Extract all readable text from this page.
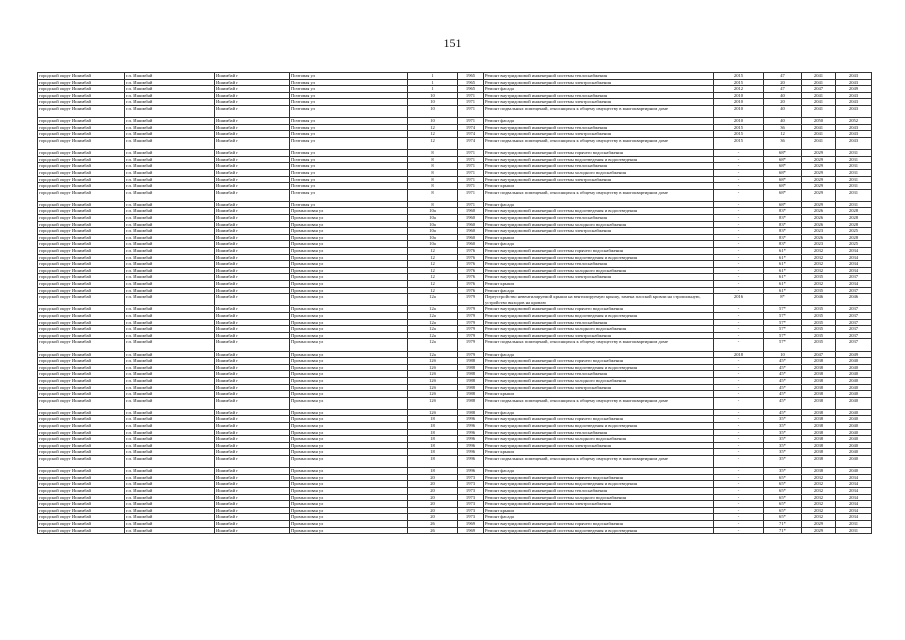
151
городской округ Ишимбай	г.п. Ишимбай	Ишимбай г	Почтовая ул	1	1965	Ремонт внутридомовой инженерной системы теплоснабжения	2015	47	2041	2043
городской округ Ишимбай	г.п. Ишимбай	Ишимбай г	Почтовая ул	1	1965	Ремонт внутридомовой инженерной системы электроснабжения	2015	20	2041	2043
городской округ Ишимбай	г.п. Ишимбай	Ишимбай г	Почтовая ул	1	1965	Ремонт фасада	2012	47	2047	2049
городской округ Ишимбай	г.п. Ишимбай	Ишимбай г	Почтовая ул	10	1971	Ремонт внутридомовой инженерной системы теплоснабжения	2010	40	2041	2043
городской округ Ишимбай	г.п. Ишимбай	Ишимбай г	Почтовая ул	10	1971	Ремонт внутридомовой инженерной системы электроснабжения	2010	20	2041	2043
городской округ Ишимбай	г.п. Ишимбай	Ишимбай г	Почтовая ул	10	1971	Ремонт подвальных помещений, относящихся к общему имуществу в многоквартирном доме	2010	40	2041	2043
городской округ Ишимбай	г.п. Ишимбай	Ишимбай г	Почтовая ул	10	1971	Ремонт фасада	2010	40	2050	2052
городской округ Ишимбай	г.п. Ишимбай	Ишимбай г	Почтовая ул	12	1974	Ремонт внутридомовой инженерной системы теплоснабжения	2015	36	2041	2043
городской округ Ишимбай	г.п. Ишимбай	Ишимбай г	Почтовая ул	12	1974	Ремонт внутридомовой инженерной системы электроснабжения	2015	12	2041	2043
городской округ Ишимбай	г.п. Ишимбай	Ишимбай г	Почтовая ул	12	1974	Ремонт подвальных помещений, относящихся к общему имуществу в многоквартирном доме	2015	36	2041	2043
городской округ Ишимбай	г.п. Ишимбай	Ишимбай г	Почтовая ул	8	1971	Ремонт внутридомовой инженерной системы горячего водоснабжения	-	68*	2029	2031
городской округ Ишимбай	г.п. Ишимбай	Ишимбай г	Почтовая ул	8	1971	Ремонт внутридомовой инженерной системы водоотведения и водоотведения	-	68*	2029	2031
городской округ Ишимбай	г.п. Ишимбай	Ишимбай г	Почтовая ул	8	1971	Ремонт внутридомовой инженерной системы теплоснабжения	-	68*	2029	2031
городской округ Ишимбай	г.п. Ишимбай	Ишимбай г	Почтовая ул	8	1971	Ремонт внутридомовой инженерной системы холодного водоснабжения	-	68*	2029	2031
городской округ Ишимбай	г.п. Ишимбай	Ишимбай г	Почтовая ул	8	1971	Ремонт внутридомовой инженерной системы электроснабжения	-	68*	2029	2031
городской округ Ишимбай	г.п. Ишимбай	Ишимбай г	Почтовая ул	8	1971	Ремонт крыши	-	68*	2029	2031
городской округ Ишимбай	г.п. Ишимбай	Ишимбай г	Почтовая ул	8	1971	Ремонт подвальных помещений, относящихся к общему имуществу в многоквартирном доме	-	68*	2029	2031
городской округ Ишимбай	г.п. Ишимбай	Ишимбай г	Почтовая ул	8	1971	Ремонт фасада	-	68*	2029	2031
городской округ Ишимбай	г.п. Ишимбай	Ишимбай г	Промысловая ул	10а	1960	Ремонт внутридомовой инженерной системы водоотведения и водоотведения	-	83*	2026	2028
городской округ Ишимбай	г.п. Ишимбай	Ишимбай г	Промысловая ул	10а	1960	Ремонт внутридомовой инженерной системы теплоснабжения	-	83*	2026	2028
городской округ Ишимбай	г.п. Ишимбай	Ишимбай г	Промысловая ул	10а	1960	Ремонт внутридомовой инженерной системы холодного водоснабжения	-	83*	2026	2028
городской округ Ишимбай	г.п. Ишимбай	Ишимбай г	Промысловая ул	10а	1960	Ремонт внутридомовой инженерной системы электроснабжения	-	83*	2023	2025
городской округ Ишимбай	г.п. Ишимбай	Ишимбай г	Промысловая ул	10а	1960	Ремонт крыши	-	83*	2026	2028
городской округ Ишимбай	г.п. Ишимбай	Ишимбай г	Промысловая ул	10а	1960	Ремонт фасада	-	83*	2023	2025
городской округ Ишимбай	г.п. Ишимбай	Ишимбай г	Промысловая ул	12	1976	Ремонт внутридомовой инженерной системы горячего водоснабжения	-	61*	2032	2034
городской округ Ишимбай	г.п. Ишимбай	Ишимбай г	Промысловая ул	12	1976	Ремонт внутридомовой инженерной системы водоотведения и водоотведения	-	61*	2032	2034
городской округ Ишимбай	г.п. Ишимбай	Ишимбай г	Промысловая ул	12	1976	Ремонт внутридомовой инженерной системы теплоснабжения	-	61*	2032	2034
городской округ Ишимбай	г.п. Ишимбай	Ишимбай г	Промысловая ул	12	1976	Ремонт внутридомовой инженерной системы холодного водоснабжения	-	61*	2032	2034
городской округ Ишимбай	г.п. Ишимбай	Ишимбай г	Промысловая ул	12	1976	Ремонт внутридомовой инженерной системы электроснабжения	-	61*	2035	2037
городской округ Ишимбай	г.п. Ишимбай	Ишимбай г	Промысловая ул	12	1976	Ремонт крыши	-	61*	2032	2034
городской округ Ишимбай	г.п. Ишимбай	Ишимбай г	Промысловая ул	12	1976	Ремонт фасада	-	61*	2035	2037
городской округ Ишимбай	г.п. Ишимбай	Ишимбай г	Промысловая ул	12а	1979	Переустройство невентилируемой крыши на вентилируемую крышу, замена плоской кровли на стропильную, устройство выходов на кровлю	2016	8*	2046	2046
городской округ Ишимбай	г.п. Ишимбай	Ишимбай г	Промысловая ул	12а	1979	Ремонт внутридомовой инженерной системы горячего водоснабжения	-	57*	2035	2037
городской округ Ишимбай	г.п. Ишимбай	Ишимбай г	Промысловая ул	12а	1979	Ремонт внутридомовой инженерной системы водоотведения и водоотведения	-	57*	2035	2037
городской округ Ишимбай	г.п. Ишимбай	Ишимбай г	Промысловая ул	12а	1979	Ремонт внутридомовой инженерной системы теплоснабжения	-	57*	2035	2037
городской округ Ишимбай	г.п. Ишимбай	Ишимбай г	Промысловая ул	12а	1979	Ремонт внутридомовой инженерной системы холодного водоснабжения	-	57*	2035	2037
городской округ Ишимбай	г.п. Ишимбай	Ишимбай г	Промысловая ул	12а	1979	Ремонт внутридомовой инженерной системы электроснабжения	-	57*	2035	2037
городской округ Ишимбай	г.п. Ишимбай	Ишимбай г	Промысловая ул	12а	1979	Ремонт подвальных помещений, относящихся к общему имуществу в многоквартирном доме	-	57*	2035	2037
городской округ Ишимбай	г.п. Ишимбай	Ишимбай г	Промысловая ул	12а	1979	Ремонт фасада	2018	10	2047	2049
городской округ Ишимбай	г.п. Ишимбай	Ишимбай г	Промысловая ул	12б	1988	Ремонт внутридомовой инженерной системы горячего водоснабжения	-	45*	2038	2040
городской округ Ишимбай	г.п. Ишимбай	Ишимбай г	Промысловая ул	12б	1988	Ремонт внутридомовой инженерной системы водоотведения и водоотведения	-	45*	2038	2040
городской округ Ишимбай	г.п. Ишимбай	Ишимбай г	Промысловая ул	12б	1988	Ремонт внутридомовой инженерной системы теплоснабжения	-	45*	2038	2040
городской округ Ишимбай	г.п. Ишимбай	Ишимбай г	Промысловая ул	12б	1988	Ремонт внутридомовой инженерной системы холодного водоснабжения	-	45*	2038	2040
городской округ Ишимбай	г.п. Ишимбай	Ишимбай г	Промысловая ул	12б	1988	Ремонт внутридомовой инженерной системы электроснабжения	-	45*	2038	2040
городской округ Ишимбай	г.п. Ишимбай	Ишимбай г	Промысловая ул	12б	1988	Ремонт крыши	-	45*	2038	2040
городской округ Ишимбай	г.п. Ишимбай	Ишимбай г	Промысловая ул	12б	1988	Ремонт подвальных помещений, относящихся к общему имуществу в многоквартирном доме	-	45*	2038	2040
городской округ Ишимбай	г.п. Ишимбай	Ишимбай г	Промысловая ул	12б	1988	Ремонт фасада	-	45*	2038	2040
городской округ Ишимбай	г.п. Ишимбай	Ишимбай г	Промысловая ул	18	1996	Ремонт внутридомовой инженерной системы горячего водоснабжения	-	35*	2038	2040
городской округ Ишимбай	г.п. Ишимбай	Ишимбай г	Промысловая ул	18	1996	Ремонт внутридомовой инженерной системы водоотведения и водоотведения	-	35*	2038	2040
городской округ Ишимбай	г.п. Ишимбай	Ишимбай г	Промысловая ул	18	1996	Ремонт внутридомовой инженерной системы теплоснабжения	-	35*	2038	2040
городской округ Ишимбай	г.п. Ишимбай	Ишимбай г	Промысловая ул	18	1996	Ремонт внутридомовой инженерной системы холодного водоснабжения	-	35*	2038	2040
городской округ Ишимбай	г.п. Ишимбай	Ишимбай г	Промысловая ул	18	1996	Ремонт внутридомовой инженерной системы электроснабжения	-	35*	2038	2040
городской округ Ишимбай	г.п. Ишимбай	Ишимбай г	Промысловая ул	18	1996	Ремонт крыши	-	35*	2038	2040
городской округ Ишимбай	г.п. Ишимбай	Ишимбай г	Промысловая ул	18	1996	Ремонт подвальных помещений, относящихся к общему имуществу в многоквартирном доме	-	35*	2038	2040
городской округ Ишимбай	г.п. Ишимбай	Ишимбай г	Промысловая ул	18	1996	Ремонт фасада	-	35*	2038	2040
городской округ Ишимбай	г.п. Ишимбай	Ишимбай г	Промысловая ул	20	1973	Ремонт внутридомовой инженерной системы горячего водоснабжения	-	65*	2032	2034
городской округ Ишимбай	г.п. Ишимбай	Ишимбай г	Промысловая ул	20	1973	Ремонт внутридомовой инженерной системы водоотведения и водоотведения	-	65*	2032	2034
городской округ Ишимбай	г.п. Ишимбай	Ишимбай г	Промысловая ул	20	1973	Ремонт внутридомовой инженерной системы теплоснабжения	-	65*	2032	2034
городской округ Ишимбай	г.п. Ишимбай	Ишимбай г	Промысловая ул	20	1973	Ремонт внутридомовой инженерной системы холодного водоснабжения	-	65*	2032	2034
городской округ Ишимбай	г.п. Ишимбай	Ишимбай г	Промысловая ул	20	1973	Ремонт внутридомовой инженерной системы электроснабжения	-	65*	2032	2034
городской округ Ишимбай	г.п. Ишимбай	Ишимбай г	Промысловая ул	20	1973	Ремонт крыши	-	65*	2032	2034
городской округ Ишимбай	г.п. Ишимбай	Ишимбай г	Промысловая ул	20	1973	Ремонт фасада	-	65*	2032	2034
городской округ Ишимбай	г.п. Ишимбай	Ишимбай г	Промысловая ул	26	1969	Ремонт внутридомовой инженерной системы горячего водоснабжения	-	71*	2029	2031
городской округ Ишимбай	г.п. Ишимбай	Ишимбай г	Промысловая ул	26	1969	Ремонт внутридомовой инженерной системы водоотведения и водоотведения	-	71*	2029	2031
